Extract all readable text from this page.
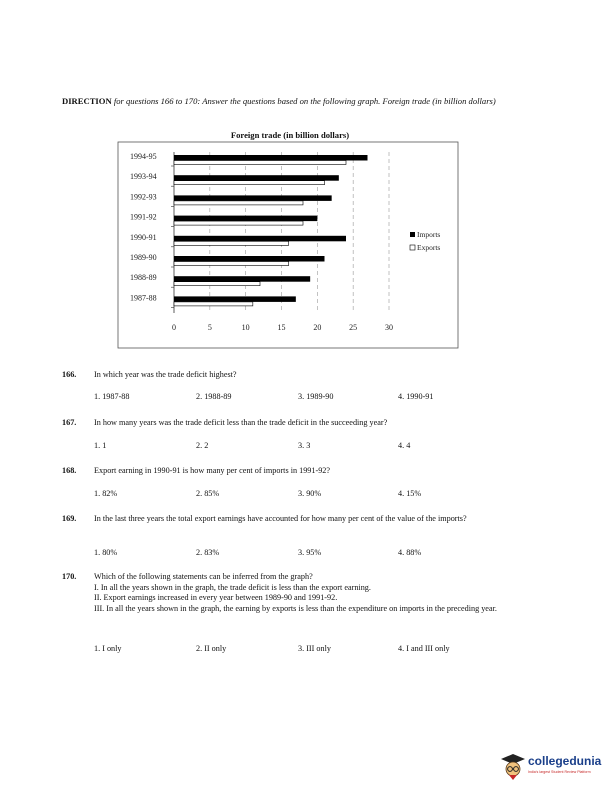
DIRECTION for questions 166 to 170: Answer the questions based on the following graph. Foreign trade (in billion dollars)
Foreign trade (in billion dollars)
0	5	10	15	20	25	30
1994-95
1993-94
1992-93
1991-92
1990-91
1989-90
1988-89
1987-88
Imports
Exports
166. In which year was the trade deficit highest?
1. 1987-88	2. 1988-89	3. 1989-90	4. 1990-91
167. In how many years was the trade deficit less than the trade deficit in the succeeding year?
1. 1	2. 2	3. 3	4. 4
168. Export earning in 1990-91 is how many per cent of imports in 1991-92?
1. 82%	2. 85%	3. 90%	4. 15%
169. In the last three years the total export earnings have accounted for how many per cent of the value of the imports?
1. 80%	2. 83%	3. 95%	4. 88%
170. Which of the following statements can be inferred from the graph?
I. In all the years shown in the graph, the trade deficit is less than the export earning.
II. Export earnings increased in every year between 1989-90 and 1991-92.
III. In all the years shown in the graph, the earning by exports is less than the expenditure on imports in the preceding year.
1. I only	2. II only	3. III only	4. I and III only
collegedunia
India's largest Student Review Platform
